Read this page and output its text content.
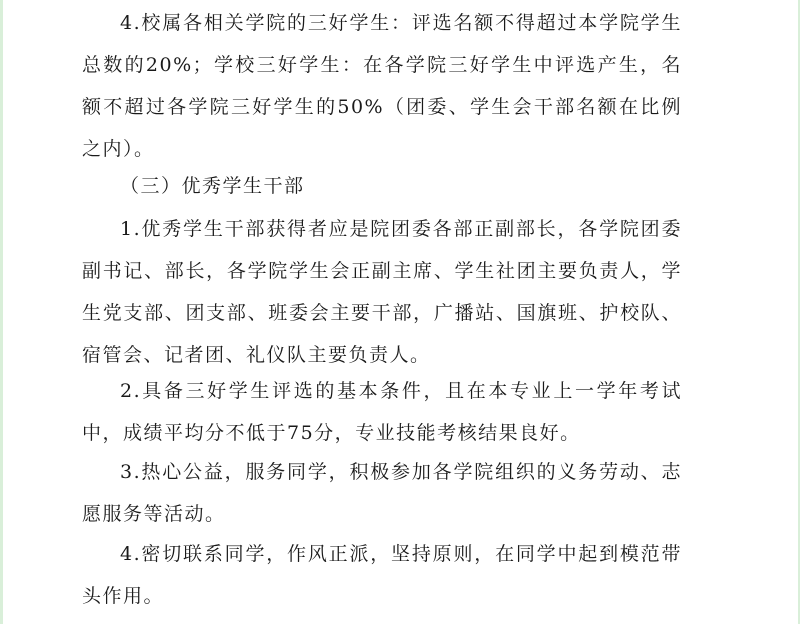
4.校属各相关学院的三好学生：评选名额不得超过本学院学生总数的20%；学校三好学生：在各学院三好学生中评选产生，名额不超过各学院三好学生的50%（团委、学生会干部名额在比例之内）。

（三）优秀学生干部

1.优秀学生干部获得者应是院团委各部正副部长，各学院团委副书记、部长，各学院学生会正副主席、学生社团主要负责人，学生党支部、团支部、班委会主要干部，广播站、国旗班、护校队、宿管会、记者团、礼仪队主要负责人。

2.具备三好学生评选的基本条件，且在本专业上一学年考试中，成绩平均分不低于75分，专业技能考核结果良好。

3.热心公益，服务同学，积极参加各学院组织的义务劳动、志愿服务等活动。

4.密切联系同学，作风正派，坚持原则，在同学中起到模范带头作用。
